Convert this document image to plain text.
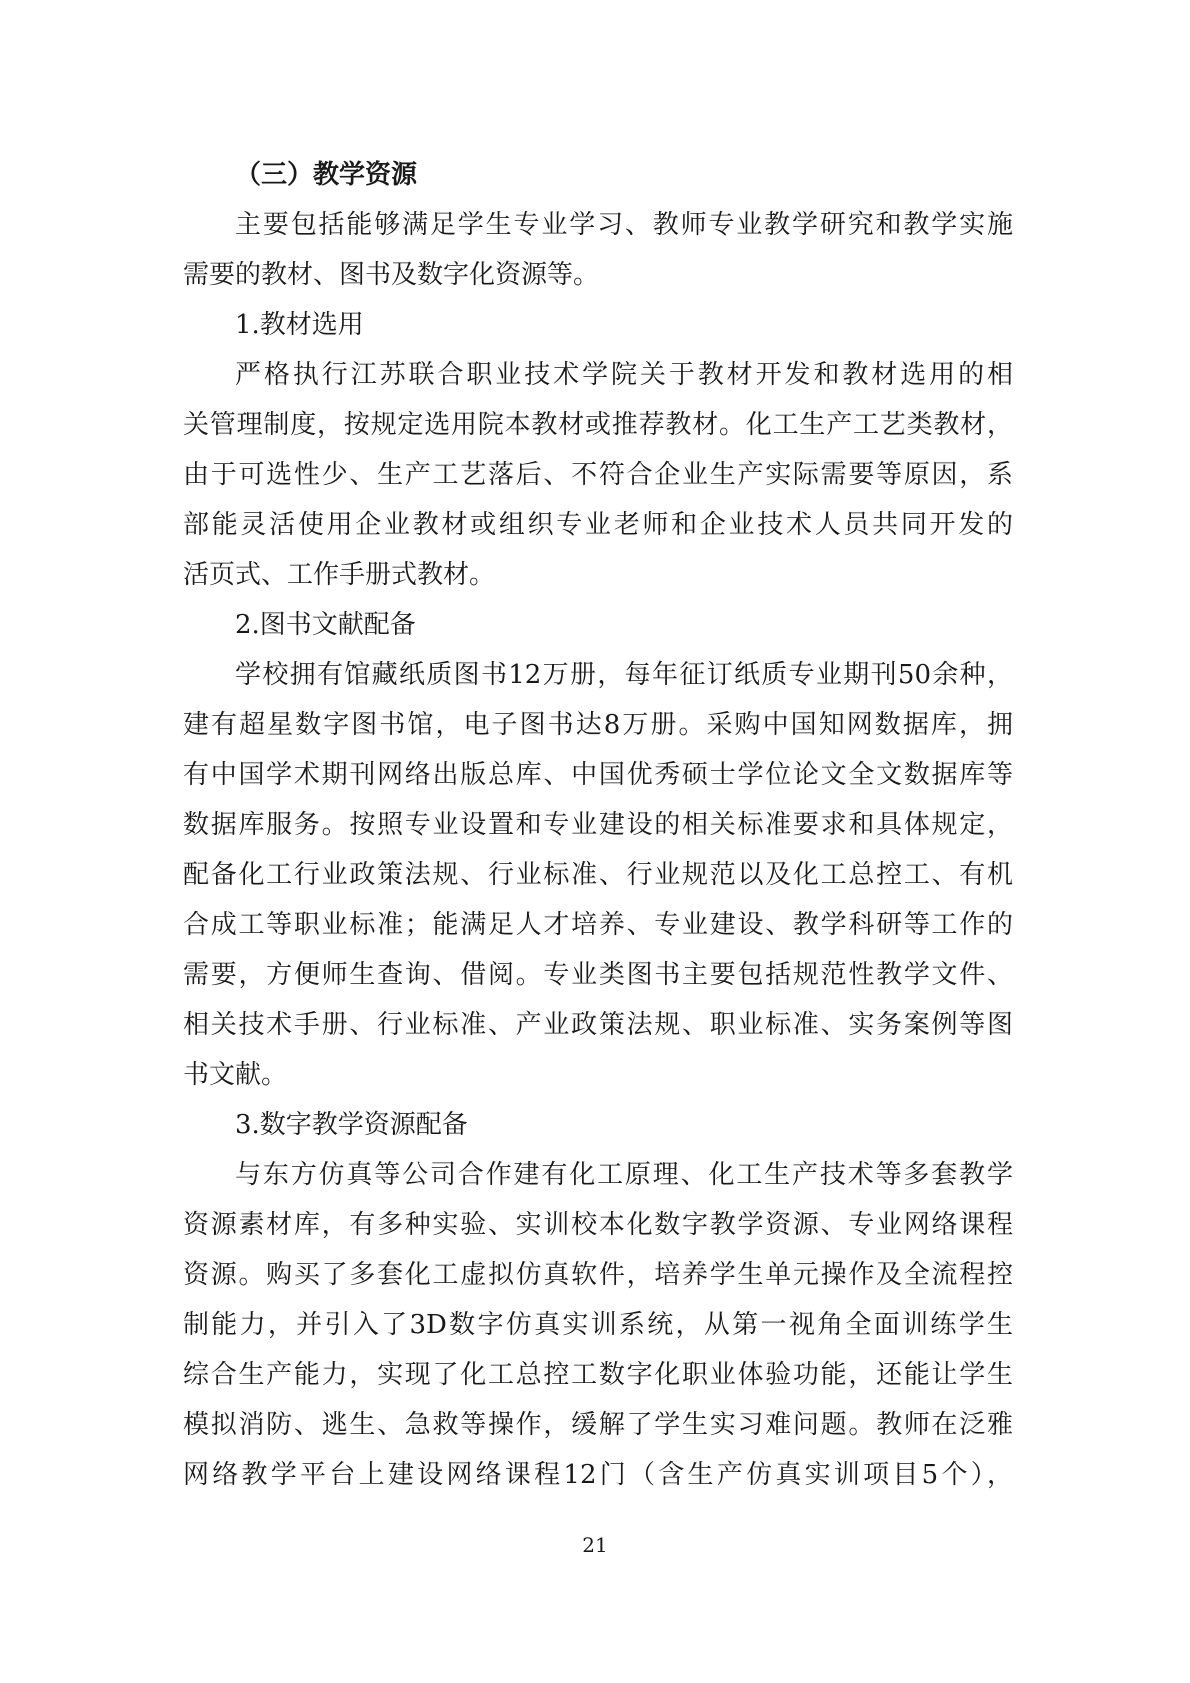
（三）教学资源
主要包括能够满足学生专业学习、教师专业教学研究和教学实施
需要的教材、图书及数字化资源等。
1.教材选用
严格执行江苏联合职业技术学院关于教材开发和教材选用的相
关管理制度，按规定选用院本教材或推荐教材。化工生产工艺类教材，
由于可选性少、生产工艺落后、不符合企业生产实际需要等原因，系
部能灵活使用企业教材或组织专业老师和企业技术人员共同开发的
活页式、工作手册式教材。
2.图书文献配备
学校拥有馆藏纸质图书12万册，每年征订纸质专业期刊50余种，
建有超星数字图书馆，电子图书达8万册。采购中国知网数据库，拥
有中国学术期刊网络出版总库、中国优秀硕士学位论文全文数据库等
数据库服务。按照专业设置和专业建设的相关标准要求和具体规定，
配备化工行业政策法规、行业标准、行业规范以及化工总控工、有机
合成工等职业标准；能满足人才培养、专业建设、教学科研等工作的
需要，方便师生查询、借阅。专业类图书主要包括规范性教学文件、
相关技术手册、行业标准、产业政策法规、职业标准、实务案例等图
书文献。
3.数字教学资源配备
与东方仿真等公司合作建有化工原理、化工生产技术等多套教学
资源素材库，有多种实验、实训校本化数字教学资源、专业网络课程
资源。购买了多套化工虚拟仿真软件，培养学生单元操作及全流程控
制能力，并引入了3D数字仿真实训系统，从第一视角全面训练学生
综合生产能力，实现了化工总控工数字化职业体验功能，还能让学生
模拟消防、逃生、急救等操作，缓解了学生实习难问题。教师在泛雅
网络教学平台上建设网络课程12门（含生产仿真实训项目5个），
21
